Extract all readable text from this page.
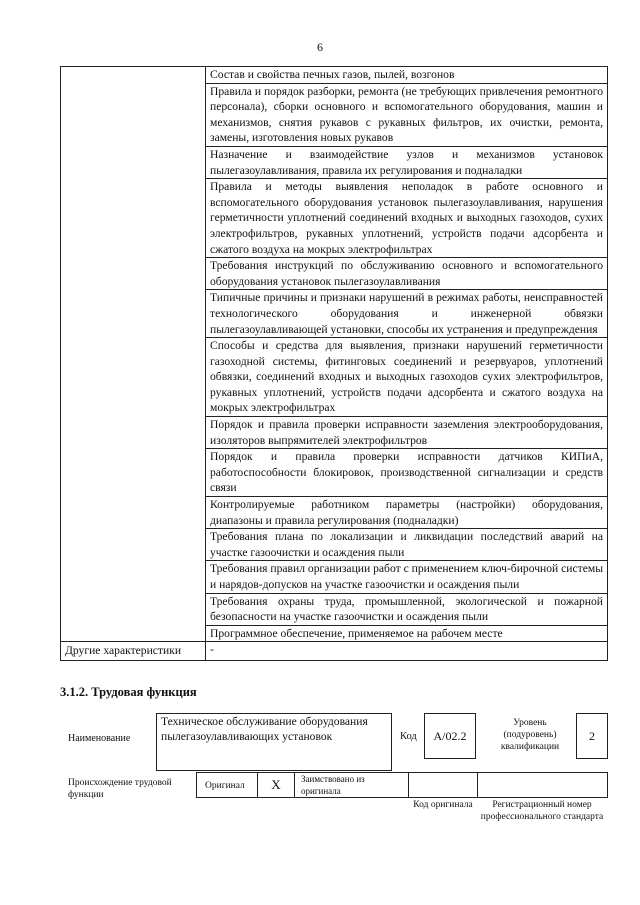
6
	Состав и свойства печных газов, пылей, возгонов
	Правила и порядок разборки, ремонта (не требующих привлечения ремонтного персонала), сборки основного и вспомогательного оборудования, машин и механизмов, снятия рукавов с рукавных фильтров, их очистки, ремонта, замены, изготовления новых рукавов
	Назначение и взаимодействие узлов и механизмов установок пылегазоулавливания, правила их регулирования и подналадки
	Правила и методы выявления неполадок в работе основного и вспомогательного оборудования установок пылегазоулавливания, нарушения герметичности уплотнений соединений входных и выходных газоходов, сухих электрофильтров, рукавных уплотнений, устройств подачи адсорбента и сжатого воздуха на мокрых электрофильтрах
	Требования инструкций по обслуживанию основного и вспомогательного оборудования установок пылегазоулавливания
	Типичные причины и признаки нарушений в режимах работы, неисправностей технологического оборудования и инженерной обвязки пылегазоулавливающей установки, способы их устранения и предупреждения
	Способы и средства для выявления, признаки нарушений герметичности газоходной системы, фитинговых соединений и резервуаров, уплотнений обвязки, соединений входных и выходных газоходов сухих электрофильтров, рукавных уплотнений, устройств подачи адсорбента и сжатого воздуха на мокрых электрофильтрах
	Порядок и правила проверки исправности заземления электрооборудования, изоляторов выпрямителей электрофильтров
	Порядок и правила проверки исправности датчиков КИПиА, работоспособности блокировок, производственной сигнализации и средств связи
	Контролируемые работником параметры (настройки) оборудования, диапазоны и правила регулирования (подналадки)
	Требования плана по локализации и ликвидации последствий аварий на участке газоочистки и осаждения пыли
	Требования правил организации работ с применением ключ-бирочной системы и нарядов-допусков на участке газоочистки и осаждения пыли
	Требования охраны труда, промышленной, экологической и пожарной безопасности на участке газоочистки и осаждения пыли
	Программное обеспечение, применяемое на рабочем месте
Другие характеристики	-
3.1.2. Трудовая функция
Наименование
Техническое обслуживание оборудования пылегазоулавливающих установок	Код	A/02.2
Уровень (подуровень) квалификации
2
Происхождение трудовой функции
Оригинал X Заимствовано из оригинала
Код оригинала	Регистрационный номер профессионального стандарта
